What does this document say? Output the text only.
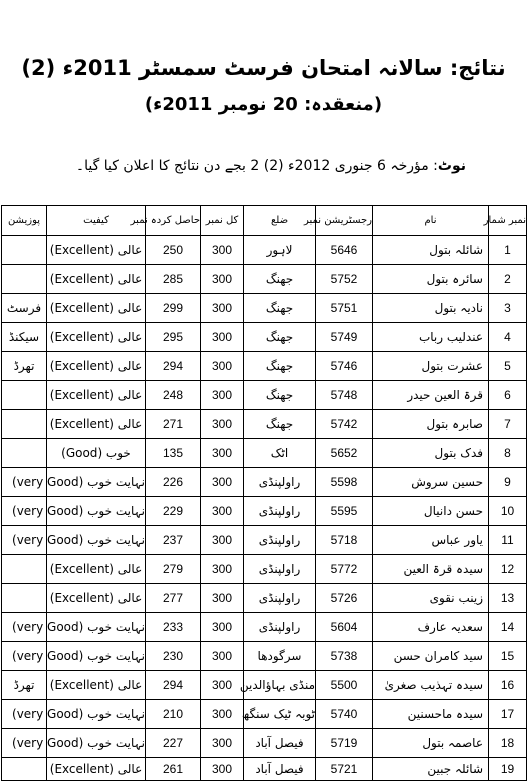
نتائج: سالانہ امتحان فرسٹ سمسٹر 2011ء (2)
(منعقدہ: 20 نومبر 2011ء)
نوٹ: مؤرخہ 6 جنوری 2012ء (2) 2 بجے دن نتائج کا اعلان کیا گیا۔
نمبر شمار	نام	رجسٹریشن نمبر	ضلع	کل نمبر	حاصل کردہ نمبر	کیفیت	پوزیشن
1	شائلہ بتول	5646	لاہور	300	250	عالی (Excellent)	
2	سائرہ بتول	5752	جھنگ	300	285	عالی (Excellent)	
3	نادیہ بتول	5751	جھنگ	300	299	عالی (Excellent)	فرسٹ
4	عندلیب رباب	5749	جھنگ	300	295	عالی (Excellent)	سیکنڈ
5	عشرت بتول	5746	جھنگ	300	294	عالی (Excellent)	تھرڈ
6	قرۃ العین حیدر	5748	جھنگ	300	248	عالی (Excellent)	
7	صابرہ بتول	5742	جھنگ	300	271	عالی (Excellent)	
8	فدک بتول	5652	اٹک	300	135	خوب (Good)	
9	حسین سروش	5598	راولپنڈی	300	226	نہایت خوب (very Good)	
10	حسن دانیال	5595	راولپنڈی	300	229	نہایت خوب (very Good)	
11	یاور عباس	5718	راولپنڈی	300	237	نہایت خوب (very Good)	
12	سیدہ قرۃ العین	5772	راولپنڈی	300	279	عالی (Excellent)	
13	زینب نقوی	5726	راولپنڈی	300	277	عالی (Excellent)	
14	سعدیہ عارف	5604	راولپنڈی	300	233	نہایت خوب (very Good)	
15	سید کامران حسن	5738	سرگودھا	300	230	نہایت خوب (very Good)	
16	سیدہ تہذیب صغریٰ	5500	منڈی بہاؤالدین	300	294	عالی (Excellent)	تھرڈ
17	سیدہ ماحسنین	5740	ٹوبہ ٹیک سنگھ	300	210	نہایت خوب (very Good)	
18	عاصمہ بتول	5719	فیصل آباد	300	227	نہایت خوب (very Good)	
19	شائلہ جبین	5721	فیصل آباد	300	261	عالی (Excellent)	
